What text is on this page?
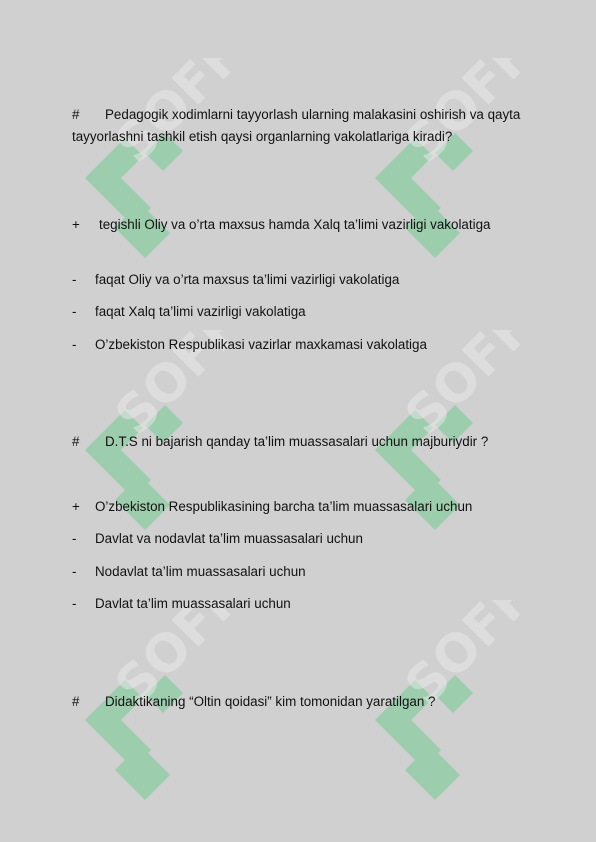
SOFF	SOFF
SOFF	SOFF
SOFF	SOFF
#	Pedagogik xodimlarni tayyorlash ularning malakasini oshirish va qayta tayyorlashni tashkil etish qaysi organlarning vakolatlariga kiradi?
+	tegishli Oliy va o’rta maxsus hamda Xalq ta’limi vazirligi vakolatiga
-	faqat Oliy va o’rta maxsus ta’limi vazirligi vakolatiga
-	faqat Xalq ta’limi vazirligi vakolatiga
-	O’zbekiston Respublikasi vazirlar maxkamasi vakolatiga
#	D.T.S ni bajarish qanday ta’lim muassasalari uchun majburiydir ?
+	O’zbekiston Respublikasining barcha ta’lim muassasalari uchun
-	Davlat va nodavlat ta’lim muassasalari uchun
-	Nodavlat ta’lim muassasalari uchun
-	Davlat ta’lim muassasalari uchun
#	Didaktikaning “Oltin qoidasi” kim tomonidan yaratilgan ?
